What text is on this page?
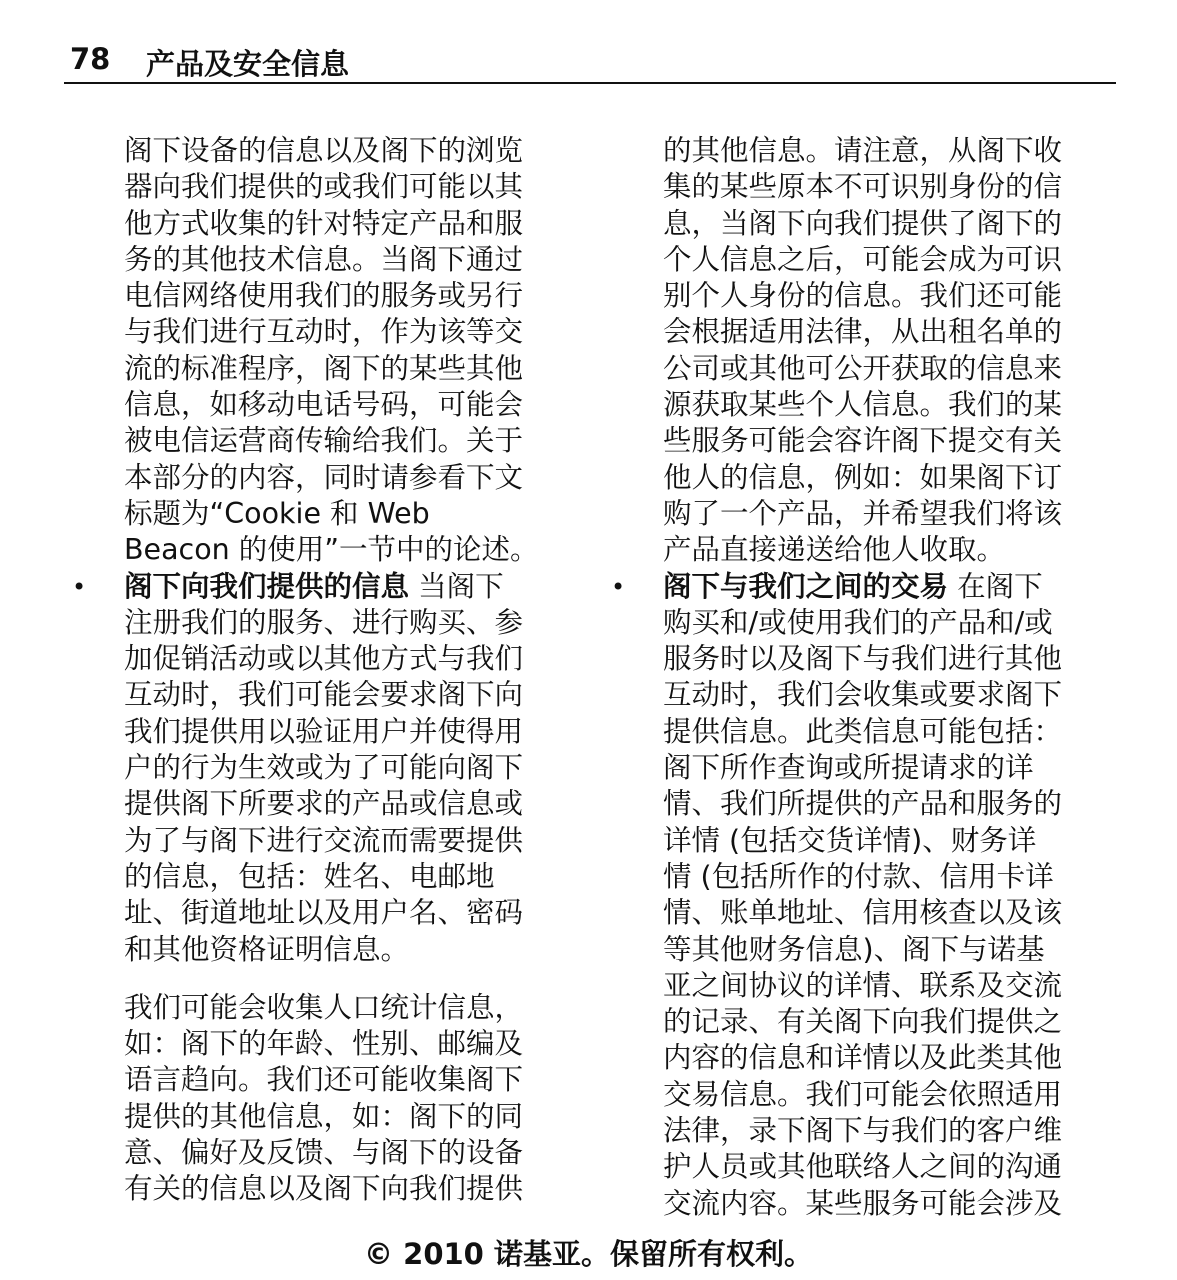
78 产品及安全信息

阁下设备的信息以及阁下的浏览
器向我们提供的或我们可能以其
他方式收集的针对特定产品和服
务的其他技术信息。当阁下通过
电信网络使用我们的服务或另行
与我们进行互动时，作为该等交
流的标准程序，阁下的某些其他
信息，如移动电话号码，可能会
被电信运营商传输给我们。关于
本部分的内容，同时请参看下文
标题为“Cookie 和 Web
Beacon 的使用”一节中的论述。

• 阁下向我们提供的信息 当阁下
注册我们的服务、进行购买、参
加促销活动或以其他方式与我们
互动时，我们可能会要求阁下向
我们提供用以验证用户并使得用
户的行为生效或为了可能向阁下
提供阁下所要求的产品或信息或
为了与阁下进行交流而需要提供
的信息，包括：姓名、电邮地
址、街道地址以及用户名、密码
和其他资格证明信息。

我们可能会收集人口统计信息，
如：阁下的年龄、性别、邮编及
语言趋向。我们还可能收集阁下
提供的其他信息，如：阁下的同
意、偏好及反馈、与阁下的设备
有关的信息以及阁下向我们提供

的其他信息。请注意，从阁下收
集的某些原本不可识别身份的信
息，当阁下向我们提供了阁下的
个人信息之后，可能会成为可识
别个人身份的信息。我们还可能
会根据适用法律，从出租名单的
公司或其他可公开获取的信息来
源获取某些个人信息。我们的某
些服务可能会容许阁下提交有关
他人的信息，例如：如果阁下订
购了一个产品，并希望我们将该
产品直接递送给他人收取。

• 阁下与我们之间的交易 在阁下
购买和/或使用我们的产品和/或
服务时以及阁下与我们进行其他
互动时，我们会收集或要求阁下
提供信息。此类信息可能包括：
阁下所作查询或所提请求的详
情、我们所提供的产品和服务的
详情 (包括交货详情)、财务详
情 (包括所作的付款、信用卡详
情、账单地址、信用核查以及该
等其他财务信息)、阁下与诺基
亚之间协议的详情、联系及交流
的记录、有关阁下向我们提供之
内容的信息和详情以及此类其他
交易信息。我们可能会依照适用
法律，录下阁下与我们的客户维
护人员或其他联络人之间的沟通
交流内容。某些服务可能会涉及
© 2010 诺基亚。保留所有权利。
